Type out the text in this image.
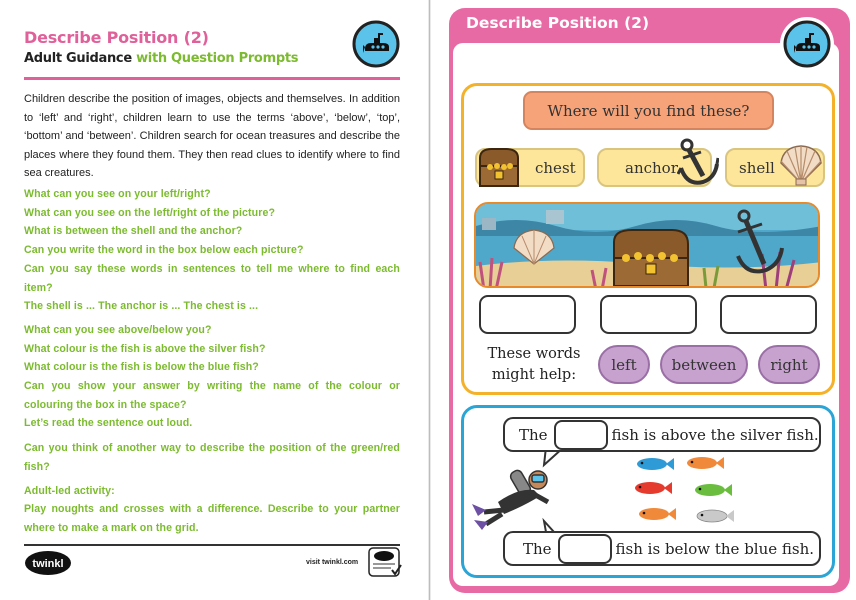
Describe Position (2)
Adult Guidance with Question Prompts
Children describe the position of images, objects and themselves. In addition to ‘left’ and ‘right’, children learn to use the terms ‘above’, ‘below’, ‘top’, ‘bottom’ and ‘between’. Children search for ocean treasures and describe the places where they found them. They then read clues to identify where to find sea creatures.
What can you see on your left/right?
What can you see on the left/right of the picture?
What is between the shell and the anchor?
Can you write the word in the box below each picture?
Can you say these words in sentences to tell me where to find each item?
The shell is ... The anchor is ... The chest is ...
What can you see above/below you?
What colour is the fish is above the silver fish?
What colour is the fish is below the blue fish?
Can you show your answer by writing the name of the colour or colouring the box in the space?
Let’s read the sentence out loud.
Can you think of another way to describe the position of the green/red fish?
Adult-led activity:
Play noughts and crosses with a difference. Describe to your partner where to make a mark on the grid.
twinkl	visit twinkl.com
Describe Position (2)
Where will you find these?
chest	anchor	shell
These words might help:
left	between	right
The	fish is above the silver fish.
The	fish is below the blue fish.
